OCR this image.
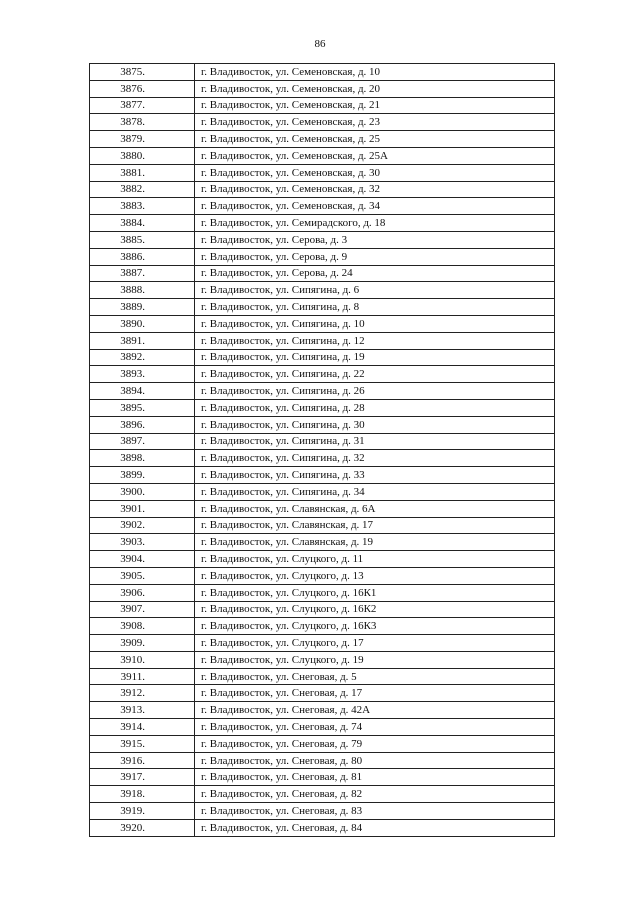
86
3875.	г. Владивосток, ул. Семеновская, д. 10
3876.	г. Владивосток, ул. Семеновская, д. 20
3877.	г. Владивосток, ул. Семеновская, д. 21
3878.	г. Владивосток, ул. Семеновская, д. 23
3879.	г. Владивосток, ул. Семеновская, д. 25
3880.	г. Владивосток, ул. Семеновская, д. 25А
3881.	г. Владивосток, ул. Семеновская, д. 30
3882.	г. Владивосток, ул. Семеновская, д. 32
3883.	г. Владивосток, ул. Семеновская, д. 34
3884.	г. Владивосток, ул. Семирадского, д. 18
3885.	г. Владивосток, ул. Серова, д. 3
3886.	г. Владивосток, ул. Серова, д. 9
3887.	г. Владивосток, ул. Серова, д. 24
3888.	г. Владивосток, ул. Сипягина, д. 6
3889.	г. Владивосток, ул. Сипягина, д. 8
3890.	г. Владивосток, ул. Сипягина, д. 10
3891.	г. Владивосток, ул. Сипягина, д. 12
3892.	г. Владивосток, ул. Сипягина, д. 19
3893.	г. Владивосток, ул. Сипягина, д. 22
3894.	г. Владивосток, ул. Сипягина, д. 26
3895.	г. Владивосток, ул. Сипягина, д. 28
3896.	г. Владивосток, ул. Сипягина, д. 30
3897.	г. Владивосток, ул. Сипягина, д. 31
3898.	г. Владивосток, ул. Сипягина, д. 32
3899.	г. Владивосток, ул. Сипягина, д. 33
3900.	г. Владивосток, ул. Сипягина, д. 34
3901.	г. Владивосток, ул. Славянская, д. 6А
3902.	г. Владивосток, ул. Славянская, д. 17
3903.	г. Владивосток, ул. Славянская, д. 19
3904.	г. Владивосток, ул. Слуцкого, д. 11
3905.	г. Владивосток, ул. Слуцкого, д. 13
3906.	г. Владивосток, ул. Слуцкого, д. 16К1
3907.	г. Владивосток, ул. Слуцкого, д. 16К2
3908.	г. Владивосток, ул. Слуцкого, д. 16К3
3909.	г. Владивосток, ул. Слуцкого, д. 17
3910.	г. Владивосток, ул. Слуцкого, д. 19
3911.	г. Владивосток, ул. Снеговая, д. 5
3912.	г. Владивосток, ул. Снеговая, д. 17
3913.	г. Владивосток, ул. Снеговая, д. 42А
3914.	г. Владивосток, ул. Снеговая, д. 74
3915.	г. Владивосток, ул. Снеговая, д. 79
3916.	г. Владивосток, ул. Снеговая, д. 80
3917.	г. Владивосток, ул. Снеговая, д. 81
3918.	г. Владивосток, ул. Снеговая, д. 82
3919.	г. Владивосток, ул. Снеговая, д. 83
3920.	г. Владивосток, ул. Снеговая, д. 84
